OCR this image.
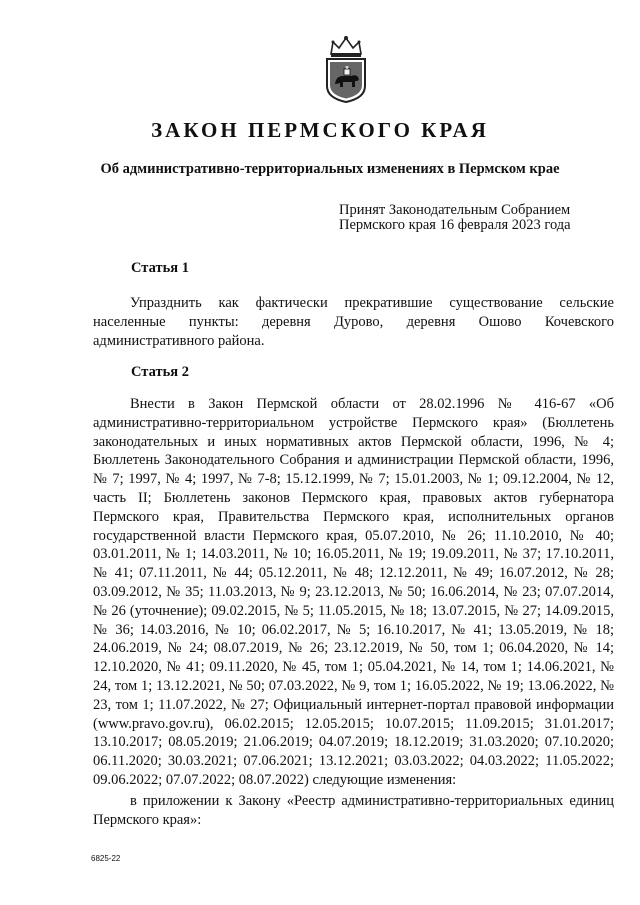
ЗАКОН ПЕРМСКОГО КРАЯ
Об административно-территориальных изменениях в Пермском крае
Принят Законодательным Собранием
Пермского края 16 февраля 2023 года
Статья 1
Упразднить как фактически прекратившие существование сельские населенные пункты: деревня Дурово, деревня Ошово Кочевского административного района.
Статья 2
Внести в Закон Пермской области от 28.02.1996 № 416-67 «Об административно-территориальном устройстве Пермского края» (Бюллетень законодательных и иных нормативных актов Пермской области, 1996, № 4; Бюллетень Законодательного Собрания и администрации Пермской области, 1996, № 7; 1997, № 4; 1997, № 7-8; 15.12.1999, № 7; 15.01.2003, № 1; 09.12.2004, № 12, часть II; Бюллетень законов Пермского края, правовых актов губернатора Пермского края, Правительства Пермского края, исполнительных органов государственной власти Пермского края, 05.07.2010, № 26; 11.10.2010, № 40; 03.01.2011, № 1; 14.03.2011, № 10; 16.05.2011, № 19; 19.09.2011, № 37; 17.10.2011, № 41; 07.11.2011, № 44; 05.12.2011, № 48; 12.12.2011, № 49; 16.07.2012, № 28; 03.09.2012, № 35; 11.03.2013, № 9; 23.12.2013, № 50; 16.06.2014, № 23; 07.07.2014, № 26 (уточнение); 09.02.2015, № 5; 11.05.2015, № 18; 13.07.2015, № 27; 14.09.2015, № 36; 14.03.2016, № 10; 06.02.2017, № 5; 16.10.2017, № 41; 13.05.2019, № 18; 24.06.2019, № 24; 08.07.2019, № 26; 23.12.2019, № 50, том 1; 06.04.2020, № 14; 12.10.2020, № 41; 09.11.2020, № 45, том 1; 05.04.2021, № 14, том 1; 14.06.2021, № 24, том 1; 13.12.2021, № 50; 07.03.2022, № 9, том 1; 16.05.2022, № 19; 13.06.2022, № 23, том 1; 11.07.2022, № 27; Официальный интернет-портал правовой информации (www.pravo.gov.ru), 06.02.2015; 12.05.2015; 10.07.2015; 11.09.2015; 31.01.2017; 13.10.2017; 08.05.2019; 21.06.2019; 04.07.2019; 18.12.2019; 31.03.2020; 07.10.2020; 06.11.2020; 30.03.2021; 07.06.2021; 13.12.2021; 03.03.2022; 04.03.2022; 11.05.2022; 09.06.2022; 07.07.2022; 08.07.2022) следующие изменения:
в приложении к Закону «Реестр административно-территориальных единиц Пермского края»:
6825-22
